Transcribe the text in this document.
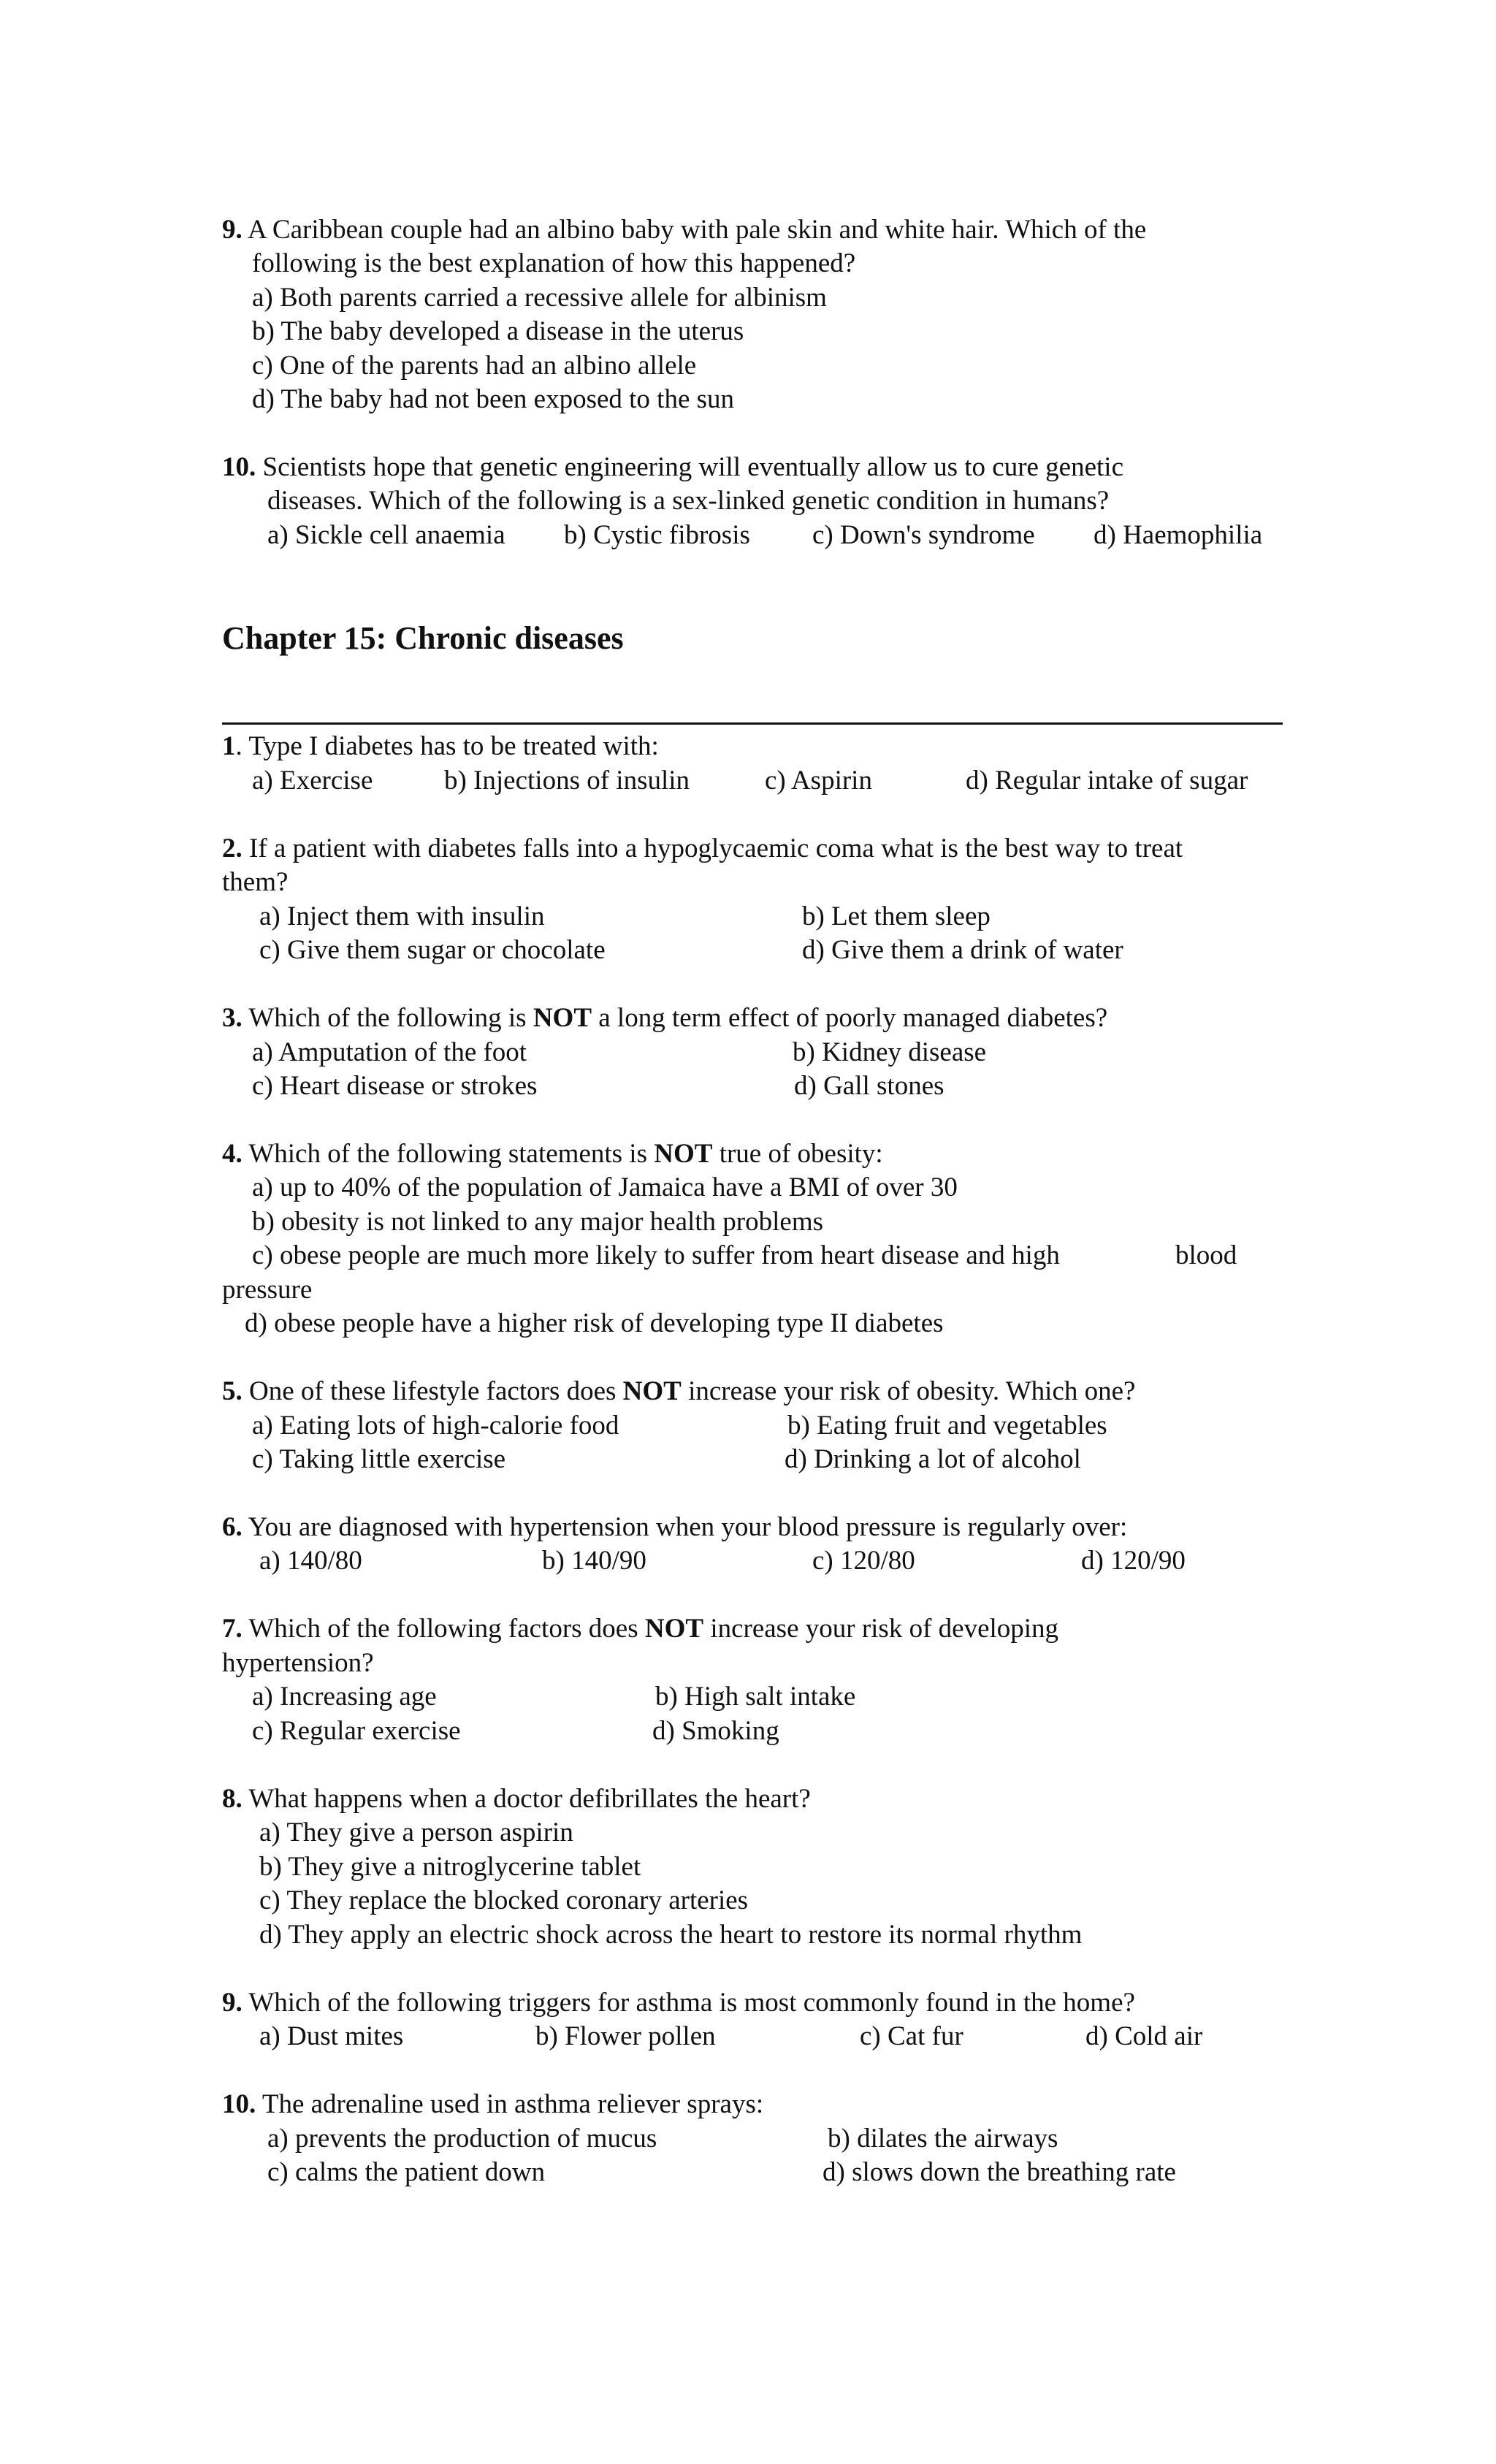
9. A Caribbean couple had an albino baby with pale skin and white hair. Which of the
following is the best explanation of how this happened?
a) Both parents carried a recessive allele for albinism
b) The baby developed a disease in the uterus
c) One of the parents had an albino allele
d) The baby had not been exposed to the sun
10. Scientists hope that genetic engineering will eventually allow us to cure genetic
diseases. Which of the following is a sex-linked genetic condition in humans?
a) Sickle cell anaemia b) Cystic fibrosis c) Down's syndrome d) Haemophilia
Chapter 15: Chronic diseases
1. Type I diabetes has to be treated with:
a) Exercise	b) Injections of insulin	c) Aspirin	d) Regular intake of sugar
2. If a patient with diabetes falls into a hypoglycaemic coma what is the best way to treat
them?
a) Inject them with insulin	b) Let them sleep
c) Give them sugar or chocolate	d) Give them a drink of water
3. Which of the following is NOT a long term effect of poorly managed diabetes?
a) Amputation of the foot	b) Kidney disease
c) Heart disease or strokes	d) Gall stones
4. Which of the following statements is NOT true of obesity:
a) up to 40% of the population of Jamaica have a BMI of over 30
b) obesity is not linked to any major health problems
c) obese people are much more likely to suffer from heart disease and high	blood
pressure
d) obese people have a higher risk of developing type II diabetes
5. One of these lifestyle factors does NOT increase your risk of obesity. Which one?
a) Eating lots of high-calorie food	b) Eating fruit and vegetables
c) Taking little exercise	d) Drinking a lot of alcohol
6. You are diagnosed with hypertension when your blood pressure is regularly over:
a) 140/80	b) 140/90	c) 120/80	d) 120/90
7. Which of the following factors does NOT increase your risk of developing
hypertension?
a) Increasing age	b) High salt intake
c) Regular exercise	d) Smoking
8. What happens when a doctor defibrillates the heart?
a) They give a person aspirin
b) They give a nitroglycerine tablet
c) They replace the blocked coronary arteries
d) They apply an electric shock across the heart to restore its normal rhythm
9. Which of the following triggers for asthma is most commonly found in the home?
a) Dust mites	b) Flower pollen	c) Cat fur	d) Cold air
10. The adrenaline used in asthma reliever sprays:
a) prevents the production of mucus	b) dilates the airways
c) calms the patient down	d) slows down the breathing rate
